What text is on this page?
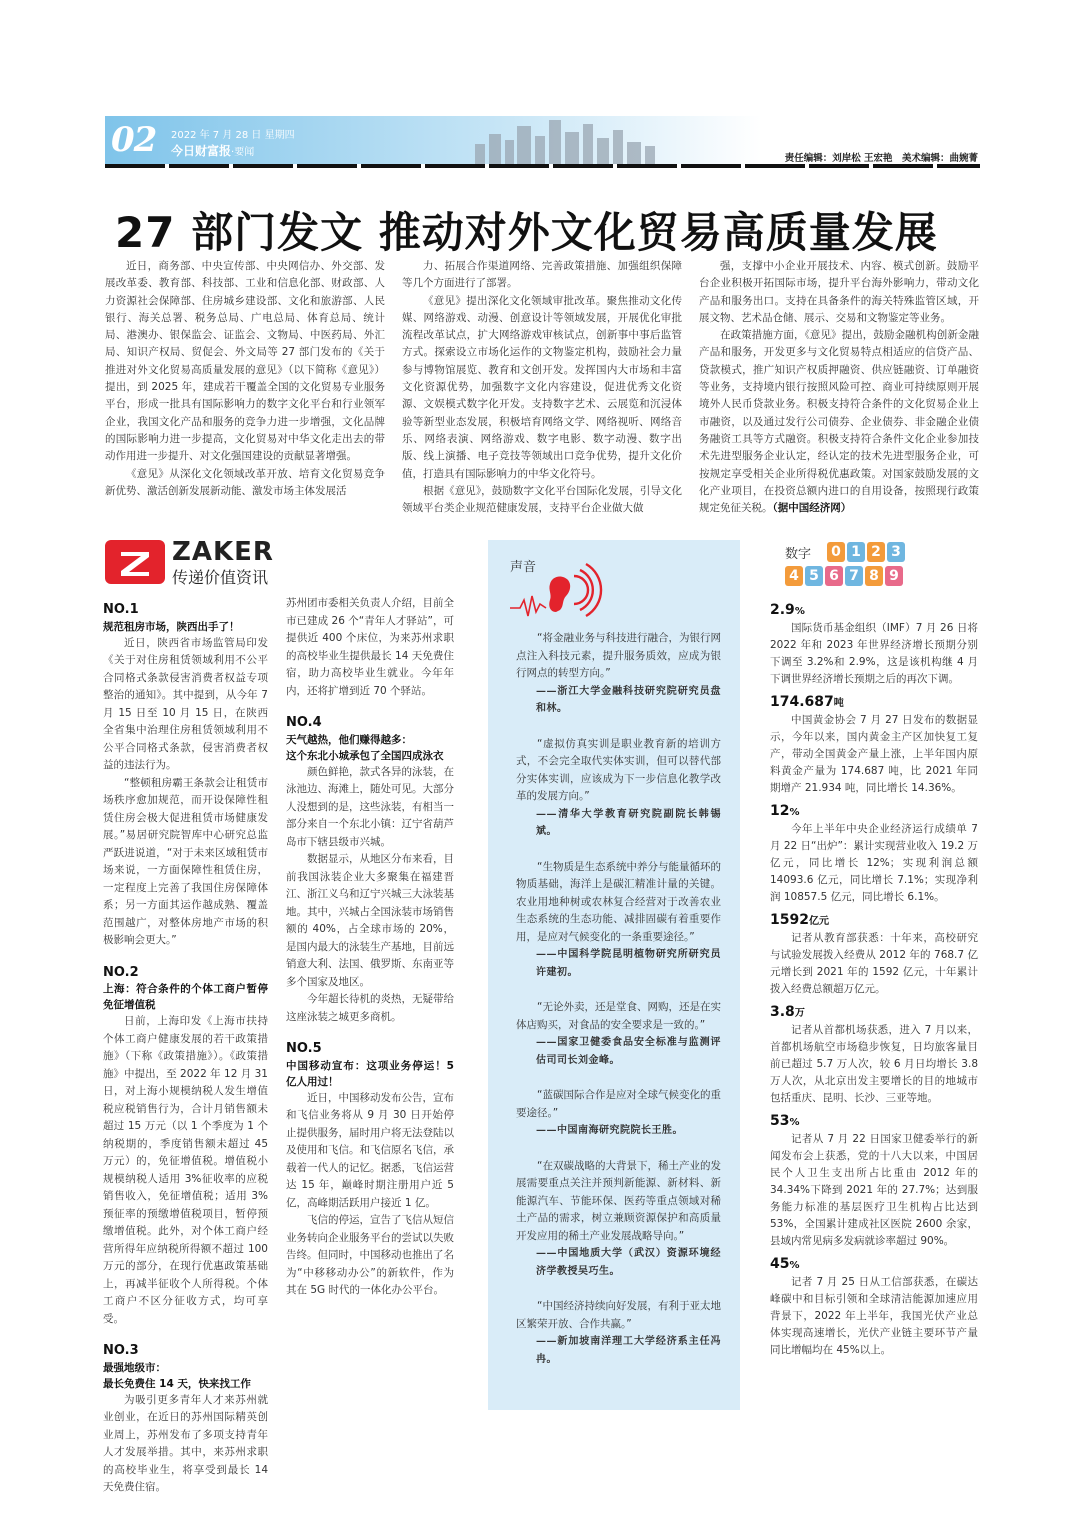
02 2022 年 7 月 28 日 星期四
今日财富报·要闻
责任编辑：刘岸松 王宏艳　美术编辑：曲婉菁
27 部门发文 推动对外文化贸易高质量发展

近日，商务部、中央宣传部、中央网信办、外交部、发展改革委、教育部、科技部、工业和信息化部、财政部、人力资源社会保障部、住房城乡建设部、文化和旅游部、人民银行、海关总署、税务总局、广电总局、体育总局、统计局、港澳办、银保监会、证监会、文物局、中医药局、外汇局、知识产权局、贸促会、外文局等 27 部门发布的《关于推进对外文化贸易高质量发展的意见》（以下简称《意见》）提出，到 2025 年，建成若干覆盖全国的文化贸易专业服务平台，形成一批具有国际影响力的数字文化平台和行业领军企业，我国文化产品和服务的竞争力进一步增强，文化品牌的国际影响力进一步提高，文化贸易对中华文化走出去的带动作用进一步提升、对文化强国建设的贡献显著增强。

《意见》从深化文化领域改革开放、培育文化贸易竞争新优势、激活创新发展新动能、激发市场主体发展活

力、拓展合作渠道网络、完善政策措施、加强组织保障等几个方面进行了部署。

《意见》提出深化文化领域审批改革。聚焦推动文化传媒、网络游戏、动漫、创意设计等领域发展，开展优化审批流程改革试点，扩大网络游戏审核试点，创新事中事后监管方式。探索设立市场化运作的文物鉴定机构，鼓励社会力量参与博物馆展览、教育和文创开发。发挥国内大市场和丰富文化资源优势，加强数字文化内容建设，促进优秀文化资源、文娱模式数字化开发。支持数字艺术、云展览和沉浸体验等新型业态发展，积极培育网络文学、网络视听、网络音乐、网络表演、网络游戏、数字电影、数字动漫、数字出版、线上演播、电子竞技等领域出口竞争优势，提升文化价值，打造具有国际影响力的中华文化符号。

根据《意见》，鼓励数字文化平台国际化发展，引导文化领域平台类企业规范健康发展，支持平台企业做大做

强，支撑中小企业开展技术、内容、模式创新。鼓励平台企业积极开拓国际市场，提升平台海外影响力，带动文化产品和服务出口。支持在具备条件的海关特殊监管区域，开展文物、艺术品仓储、展示、交易和文物鉴定等业务。

在政策措施方面，《意见》提出，鼓励金融机构创新金融产品和服务，开发更多与文化贸易特点相适应的信贷产品、贷款模式，推广知识产权质押融资、供应链融资、订单融资等业务，支持境内银行按照风险可控、商业可持续原则开展境外人民币贷款业务。积极支持符合条件的文化贸易企业上市融资，以及通过发行公司债券、企业债券、非金融企业债务融资工具等方式融资。积极支持符合条件文化企业参加技术先进型服务企业认定，经认定的技术先进型服务企业，可按规定享受相关企业所得税优惠政策。对国家鼓励发展的文化产业项目，在投资总额内进口的自用设备，按照现行政策规定免征关税。（据中国经济网）

ZAKER
传递价值资讯
NO.1
规范租房市场，陕西出手了！

近日，陕西省市场监管局印发《关于对住房租赁领域利用不公平合同格式条款侵害消费者权益专项整治的通知》。其中提到，从今年 7 月 15 日至 10 月 15 日，在陕西全省集中治理住房租赁领域利用不公平合同格式条款，侵害消费者权益的违法行为。

“整顿租房霸王条款会让租赁市场秩序愈加规范，而开设保障性租赁住房会极大促进租赁市场健康发展。”易居研究院智库中心研究总监严跃进说道，“对于未来区域租赁市场来说，一方面保障性租赁住房，一定程度上完善了我国住房保障体系；另一方面其运作越成熟、覆盖范围越广，对整体房地产市场的积极影响会更大。”

NO.2
上海：符合条件的个体工商户暂停免征增值税

日前，上海印发《上海市扶持个体工商户健康发展的若干政策措施》（下称《政策措施》）。《政策措施》中提出，至 2022 年 12 月 31 日，对上海小规模纳税人发生增值税应税销售行为，合计月销售额未超过 15 万元（以 1 个季度为 1 个纳税期的，季度销售额未超过 45 万元）的，免征增值税。增值税小规模纳税人适用 3%征收率的应税销售收入，免征增值税；适用 3%预征率的预缴增值税项目，暂停预缴增值税。此外，对个体工商户经营所得年应纳税所得额不超过 100 万元的部分，在现行优惠政策基础上，再减半征收个人所得税。个体工商户不区分征收方式，均可享受。

NO.3
最强地级市：
最长免费住 14 天，快来找工作

为吸引更多青年人才来苏州就业创业，在近日的苏州国际精英创业周上，苏州发布了多项支持青年人才发展举措。其中，来苏州求职的高校毕业生，将享受到最长 14 天免费住宿。

苏州团市委相关负责人介绍，目前全市已建成 26 个“青年人才驿站”，可提供近 400 个床位，为来苏州求职的高校毕业生提供最长 14 天免费住宿，助力高校毕业生就业。今年年内，还将扩增到近 70 个驿站。

NO.4
天气越热，他们赚得越多：
这个东北小城承包了全国四成泳衣

颜色鲜艳，款式各异的泳装，在泳池边、海滩上，随处可见。大部分人没想到的是，这些泳装，有相当一部分来自一个东北小镇：辽宁省葫芦岛市下辖县级市兴城。

数据显示，从地区分布来看，目前我国泳装企业大多聚集在福建晋江、浙江义乌和辽宁兴城三大泳装基地。其中，兴城占全国泳装市场销售额的 40%，占全球市场的 20%，是国内最大的泳装生产基地，目前远销意大利、法国、俄罗斯、东南亚等多个国家及地区。

今年超长待机的炎热，无疑带给这座泳装之城更多商机。

NO.5
中国移动宣布：这项业务停运！5 亿人用过！

近日，中国移动发布公告，宣布和飞信业务将从 9 月 30 日开始停止提供服务，届时用户将无法登陆以及使用和飞信。和飞信原名飞信，承载着一代人的记忆。据悉，飞信运营达 15 年，巅峰时期注册用户近 5 亿，高峰期活跃用户接近 1 亿。

飞信的停运，宣告了飞信从短信业务转向企业服务平台的尝试以失败告终。但同时，中国移动也推出了名为“中移移动办公”的新软件，作为其在 5G 时代的一体化办公平台。

声音

“将金融业务与科技进行融合，为银行网点注入科技元素，提升服务质效，应成为银行网点的转型方向。”

——浙江大学金融科技研究院研究员盘和林。

“虚拟仿真实训是职业教育新的培训方式，不会完全取代实体实训，但可以替代部分实体实训，应该成为下一步信息化教学改革的发展方向。”

——清华大学教育研究院副院长韩锡斌。

“生物质是生态系统中养分与能量循环的物质基础，海洋上是碳汇精准计量的关键。农业用地种树或农林复合经营对于改善农业生态系统的生态功能、减排固碳有着重要作用，是应对气候变化的一条重要途径。”

——中国科学院昆明植物研究所研究员许建初。

“无论外卖，还是堂食、网购，还是在实体店购买，对食品的安全要求是一致的。”

——国家卫健委食品安全标准与监测评估司司长刘金峰。

“蓝碳国际合作是应对全球气候变化的重要途径。”

——中国南海研究院院长王胜。

“在双碳战略的大背景下，稀土产业的发展需要重点关注并预判新能源、新材料、新能源汽车、节能环保、医药等重点领域对稀土产品的需求，树立兼顾资源保护和高质量开发应用的稀土产业发展战略导向。”

——中国地质大学（武汉）资源环境经济学教授吴巧生。

“中国经济持续向好发展，有利于亚太地区繁荣开放、合作共赢。”

——新加坡南洋理工大学经济系主任冯冉。

数字 0 1 2 3
4 5 6 7 8 9
2.9%

国际货币基金组织（IMF）7 月 26 日将 2022 年和 2023 年世界经济增长预期分别下调至 3.2%和 2.9%，这是该机构继 4 月下调世界经济增长预期之后的再次下调。

174.687吨

中国黄金协会 7 月 27 日发布的数据显示，今年以来，国内黄金主产区加快复工复产，带动全国黄金产量上涨，上半年国内原料黄金产量为 174.687 吨，比 2021 年同期增产 21.934 吨，同比增长 14.36%。

12%

今年上半年中央企业经济运行成绩单 7 月 22 日“出炉”：累计实现营业收入 19.2 万亿元，同比增长 12%；实现利润总额 14093.6 亿元，同比增长 7.1%；实现净利润 10857.5 亿元，同比增长 6.1%。

1592亿元

记者从教育部获悉：十年来，高校研究与试验发展拨入经费从 2012 年的 768.7 亿元增长到 2021 年的 1592 亿元，十年累计拨入经费总额超万亿元。

3.8万

记者从首都机场获悉，进入 7 月以来，首都机场航空市场稳步恢复，日均旅客量目前已超过 5.7 万人次，较 6 月日均增长 3.8 万人次，从北京出发主要增长的目的地城市包括重庆、昆明、长沙、三亚等地。

53%

记者从 7 月 22 日国家卫健委举行的新闻发布会上获悉，党的十八大以来，中国居民个人卫生支出所占比重由 2012 年的 34.34%下降到 2021 年的 27.7%；达到服务能力标准的基层医疗卫生机构占比达到 53%，全国累计建成社区医院 2600 余家，县域内常见病多发病就诊率超过 90%。

45%

记者 7 月 25 日从工信部获悉，在碳达峰碳中和目标引领和全球清洁能源加速应用背景下，2022 年上半年，我国光伏产业总体实现高速增长，光伏产业链主要环节产量同比增幅均在 45%以上。
